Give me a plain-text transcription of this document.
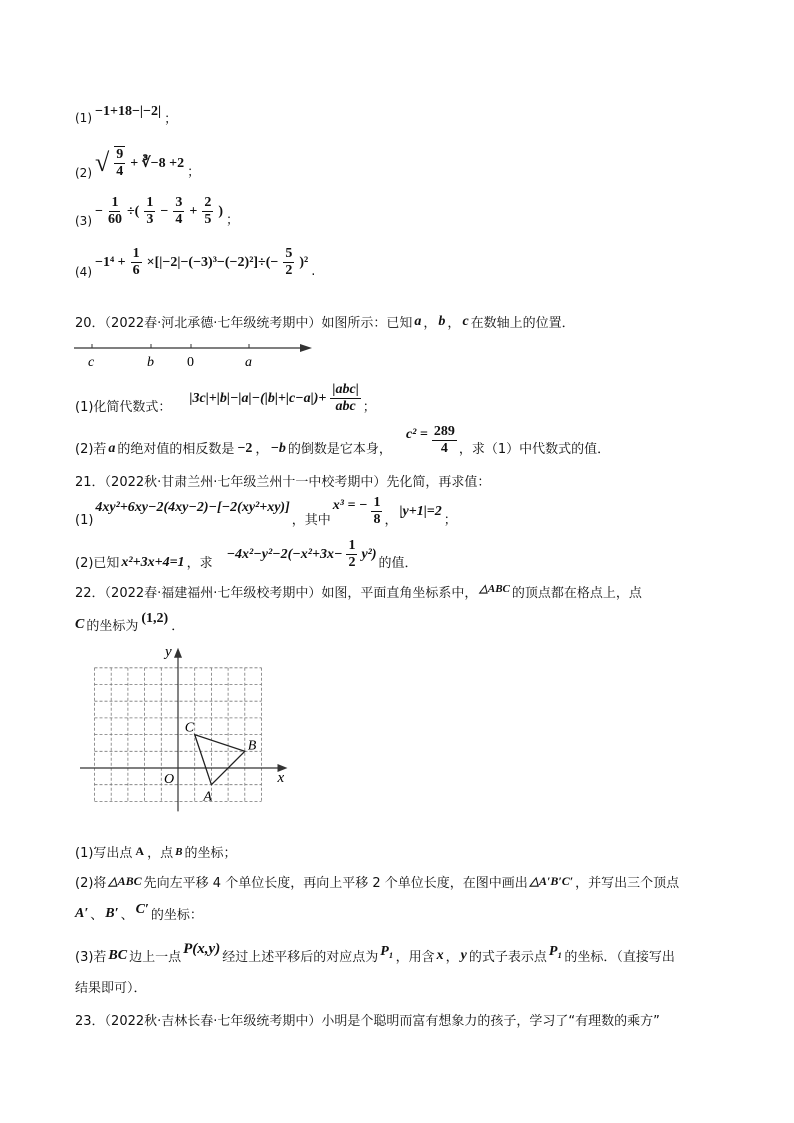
(1) −1+18−|−2|
；
(2) √ $\frac{9}{4}$ + ∛−8 +2
；
(3)
− $\frac{1}{60}$ ÷( $\frac{1}{3} - \frac{3}{4} + \frac{2}{5}$ )
；
(4)
$-1^4 + \frac{1}{6} \times[|-2|-(-3)^3-(-2)^2]\div(- \frac{5}{2} )^2$
.
20．（2022春·河北承德·七年级统考期中）如图所示：已知 a ， b ， c 在数轴上的位置．
c	b 0	a
(1)化简代数式：
|3c|+|b|−|a|−(|b|+|c−a|)+
|abc|
abc ；
(2)若 a 的绝对值的相反数是 −2 ， −b 的倒数是它本身，
$c^2 = \frac{289}{4}$ ，求（1）中代数式的值．
21．（2022秋·甘肃兰州·七年级兰州十一中校考期中）先化简，再求值：
(1)
4xy²+6xy−2(4xy−2)−[−2(xy²+xy)]
，其中
x³ = − $\frac{1}{8}$ ，
|y+1|=2
；
(2)已知 x²+3x+4=1 ，求
$-4x^2-y^2-2(-x^2+3x- \frac{1}{2} y^2)$
的值．
22．（2022春·福建福州·七年级校考期中）如图，平面直角坐标系中， △ABC 的顶点都在格点上，点
C 的坐标为
(1,2)
．
x
y
O
A
B
C
(1)写出点 A ，点 B 的坐标；
(2)将 △ABC 先向左平移 4 个单位长度，再向上平移 2 个单位长度，在图中画出 △A′B′C′ ，并写出三个顶点
A′ 、 B′ 、 C′ 的坐标：
(3)若 BC 边上一点
P(x,y)
经过上述平移后的对应点为 P₁ ，用含 x ， y 的式子表示点 P₁ 的坐标．（直接写出
结果即可）．
23．（2022秋·吉林长春·七年级统考期中）小明是个聪明而富有想象力的孩子，学习了“有理数的乘方”
